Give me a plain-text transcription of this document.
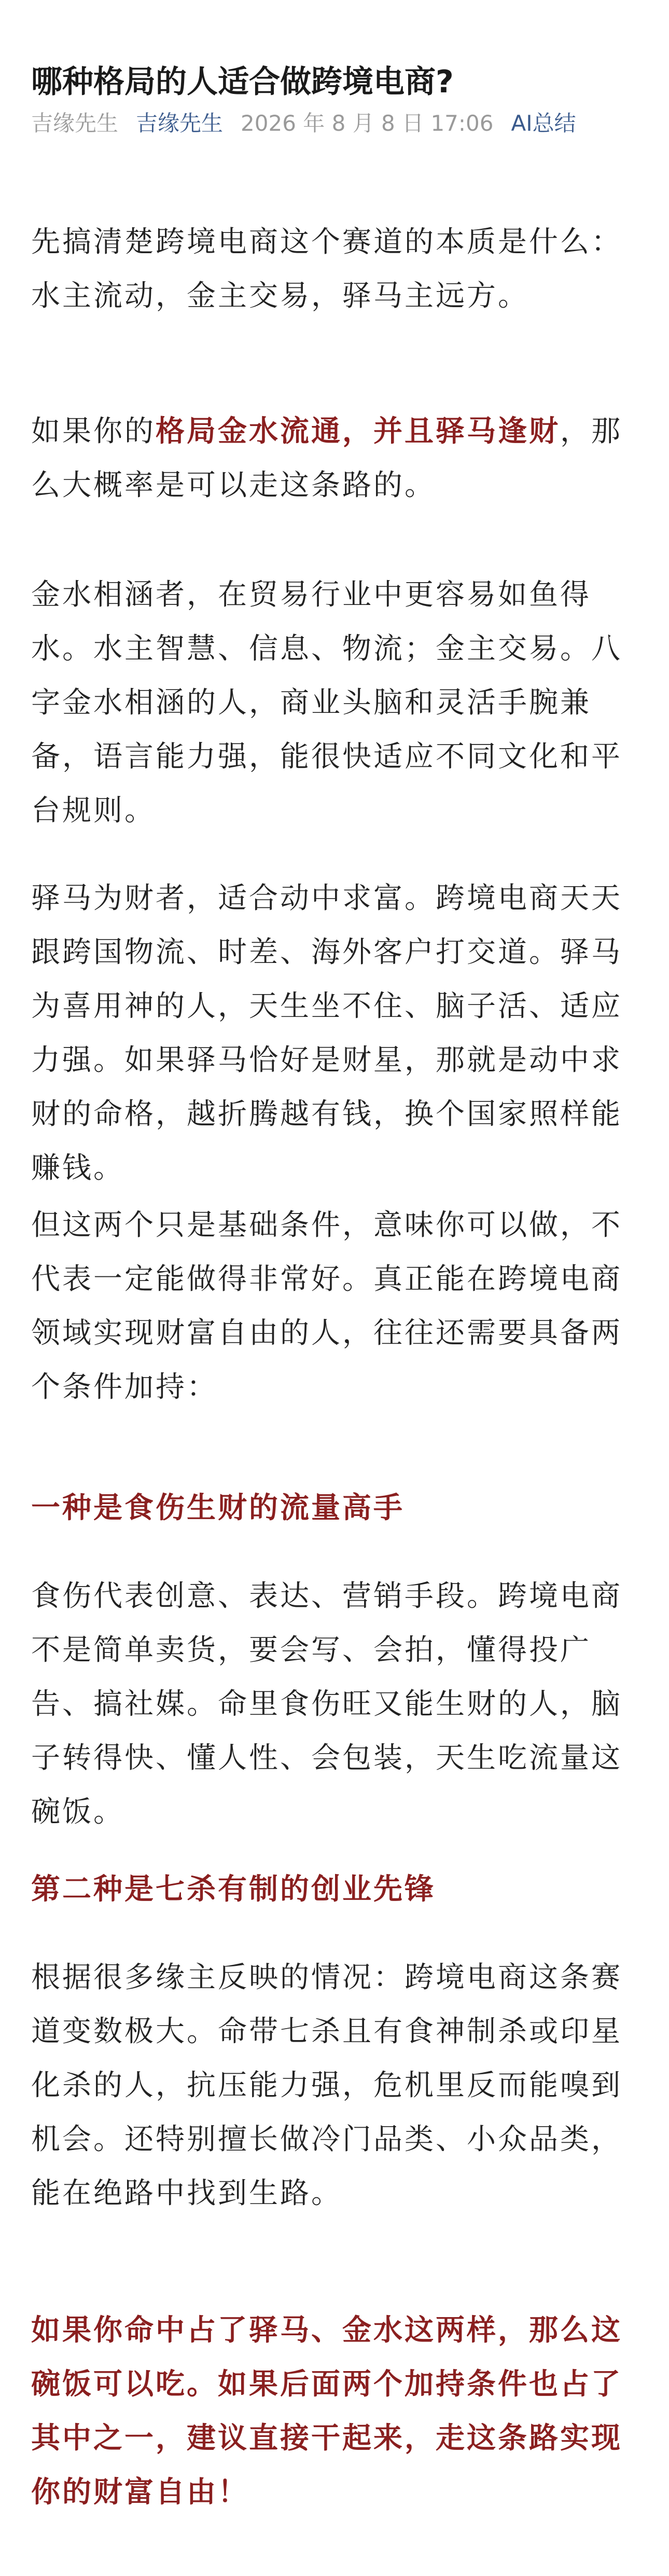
哪种格局的人适合做跨境电商?
吉缘先生 吉缘先生 2026 年 8 月 8 日 17:06 AI总结

先搞清楚跨境电商这个赛道的本质是什么：水主流动，金主交易，驿马主远方。

如果你的格局金水流通，并且驿马逢财，那么大概率是可以走这条路的。

金水相涵者，在贸易行业中更容易如鱼得水。水主智慧、信息、物流；金主交易。八字金水相涵的人，商业头脑和灵活手腕兼备，语言能力强，能很快适应不同文化和平台规则。

驿马为财者，适合动中求富。跨境电商天天跟跨国物流、时差、海外客户打交道。驿马为喜用神的人，天生坐不住、脑子活、适应力强。如果驿马恰好是财星，那就是动中求财的命格，越折腾越有钱，换个国家照样能赚钱。

但这两个只是基础条件，意味你可以做，不代表一定能做得非常好。真正能在跨境电商领域实现财富自由的人，往往还需要具备两个条件加持：

一种是食伤生财的流量高手

食伤代表创意、表达、营销手段。跨境电商不是简单卖货，要会写、会拍，懂得投广告、搞社媒。命里食伤旺又能生财的人，脑子转得快、懂人性、会包装，天生吃流量这碗饭。

第二种是七杀有制的创业先锋

根据很多缘主反映的情况：跨境电商这条赛道变数极大。命带七杀且有食神制杀或印星化杀的人，抗压能力强，危机里反而能嗅到机会。还特别擅长做冷门品类、小众品类，能在绝路中找到生路。

如果你命中占了驿马、金水这两样，那么这碗饭可以吃。如果后面两个加持条件也占了其中之一，建议直接干起来，走这条路实现你的财富自由！
